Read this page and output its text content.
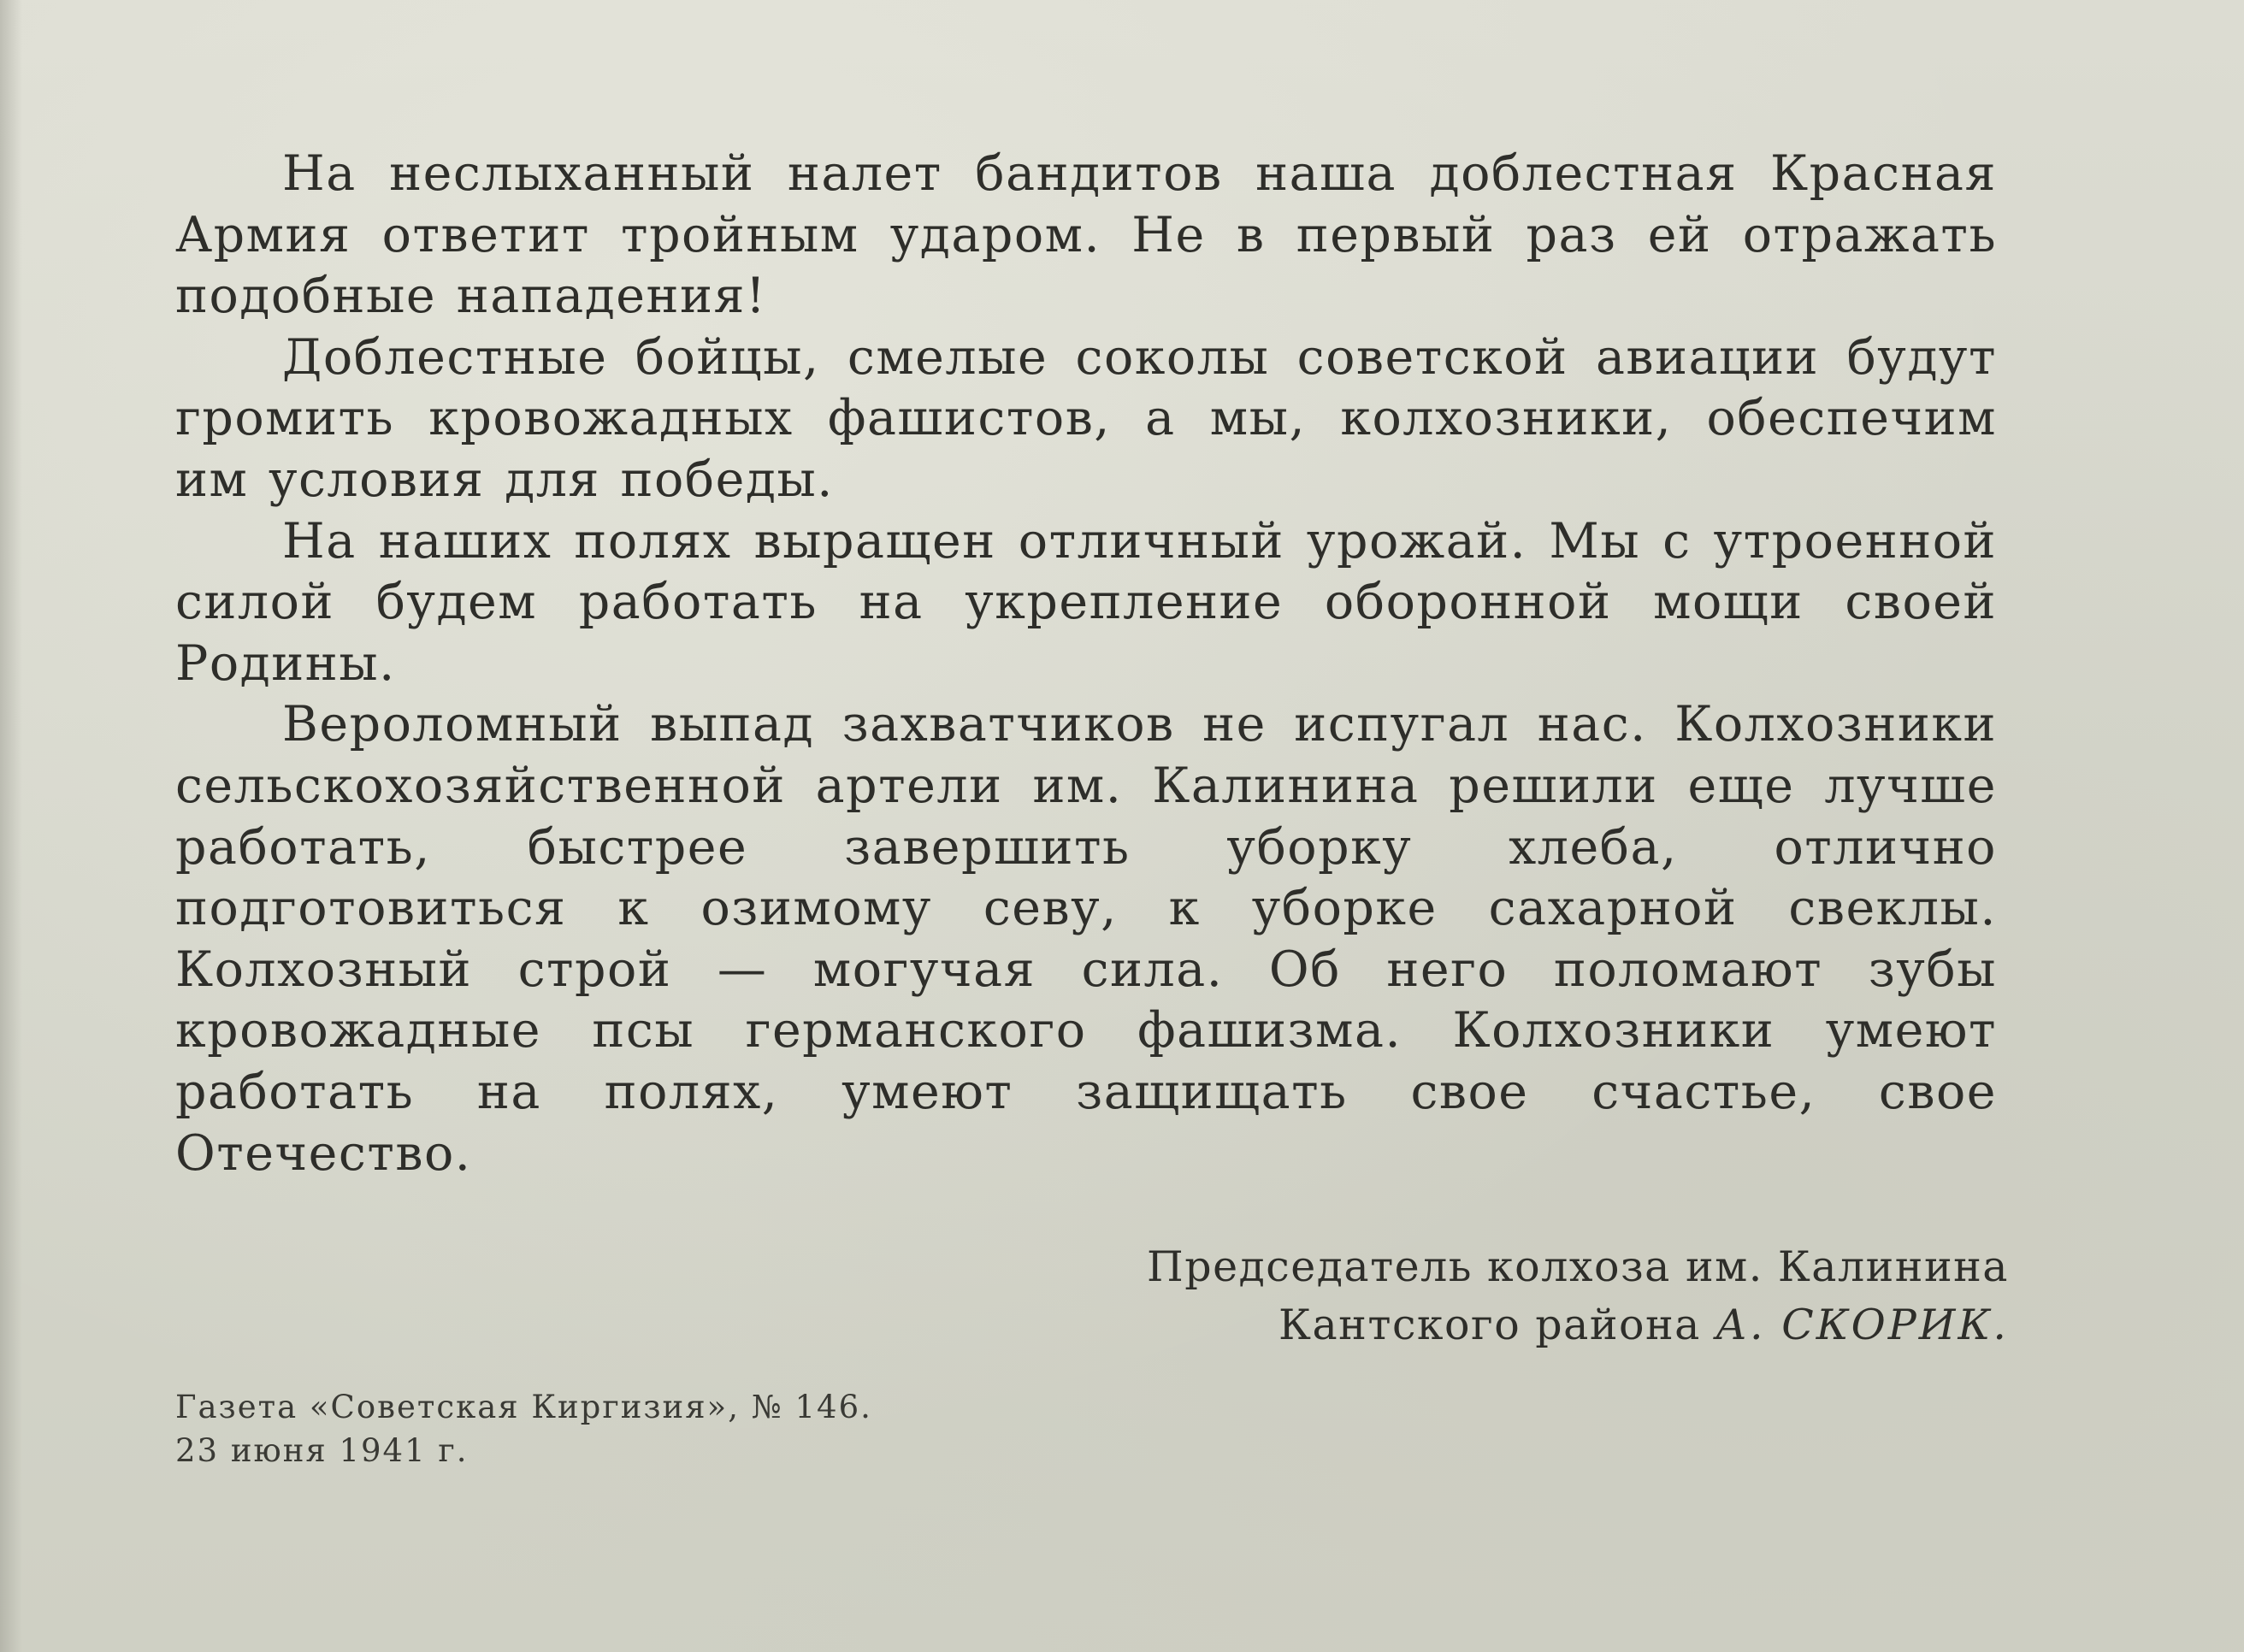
На неслыханный налет бандитов наша доблестная Красная Армия ответит тройным ударом. Не в первый раз ей отражать подобные нападения!

Доблестные бойцы, смелые соколы советской авиации будут громить кровожадных фашистов, а мы, колхозники, обеспечим им условия для победы.

На наших полях выращен отличный урожай. Мы с утроенной силой будем работать на укрепление оборонной мощи своей Родины.

Вероломный выпад захватчиков не испугал нас. Колхозники сельскохозяйственной артели им. Калинина решили еще лучше работать, быстрее завершить уборку хлеба, отлично подготовиться к озимому севу, к уборке сахарной свеклы. Колхозный строй — могучая сила. Об него поломают зубы кровожадные псы германского фашизма. Колхозники умеют работать на полях, умеют защищать свое счастье, свое Отечество.

Председатель колхоза им. Калинина
Кантского района А. СКОРИК.
Газета «Советская Киргизия», № 146.
23 июня 1941 г.
